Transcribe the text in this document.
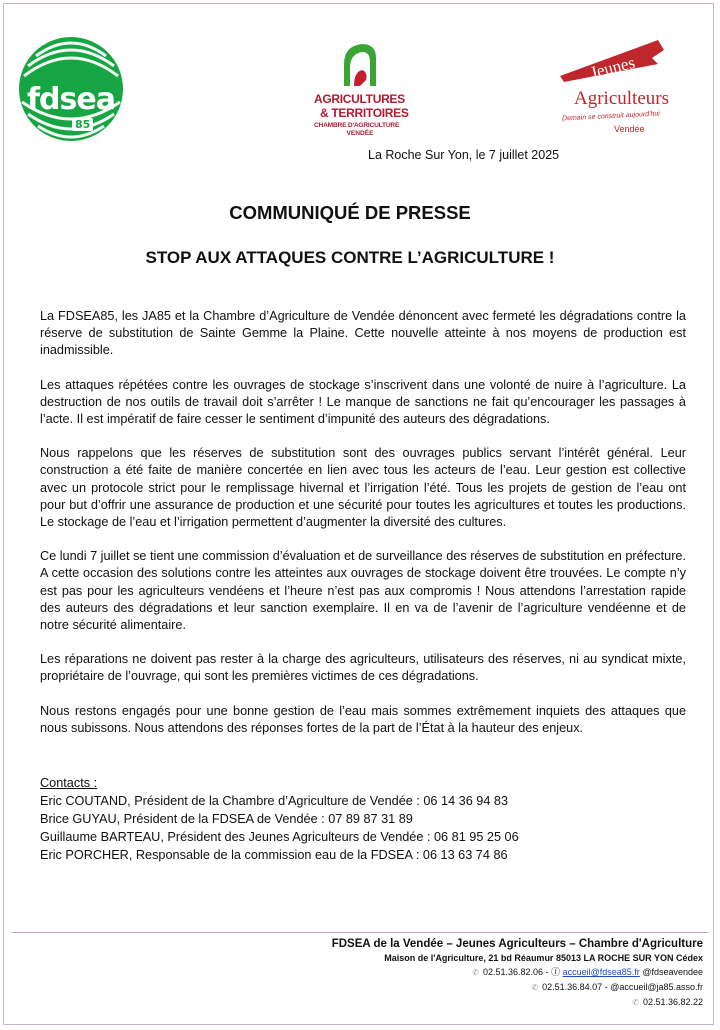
fdsea
85
AGRICULTURES
& TERRITOIRES
CHAMBRE D'AGRICULTURE
VENDÉE
Jeunes
Agriculteurs
Demain se construit aujourd'hui
Vendée
La Roche Sur Yon, le 7 juillet 2025
COMMUNIQUÉ DE PRESSE
STOP AUX ATTAQUES CONTRE L’AGRICULTURE !

La FDSEA85, les JA85 et la Chambre d’Agriculture de Vendée dénoncent avec fermeté les dégradations contre la réserve de substitution de Sainte Gemme la Plaine. Cette nouvelle atteinte à nos moyens de production est inadmissible.

Les attaques répétées contre les ouvrages de stockage s’inscrivent dans une volonté de nuire à l’agriculture. La destruction de nos outils de travail doit s’arrêter ! Le manque de sanctions ne fait qu’encourager les passages à l’acte. Il est impératif de faire cesser le sentiment d’impunité des auteurs des dégradations.

Nous rappelons que les réserves de substitution sont des ouvrages publics servant l’intérêt général. Leur construction a été faite de manière concertée en lien avec tous les acteurs de l’eau. Leur gestion est collective avec un protocole strict pour le remplissage hivernal et l’irrigation l’été. Tous les projets de gestion de l’eau ont pour but d’offrir une assurance de production et une sécurité pour toutes les agricultures et toutes les productions. Le stockage de l’eau et l’irrigation permettent d’augmenter la diversité des cultures.

Ce lundi 7 juillet se tient une commission d’évaluation et de surveillance des réserves de substitution en préfecture. A cette occasion des solutions contre les atteintes aux ouvrages de stockage doivent être trouvées. Le compte n’y est pas pour les agriculteurs vendéens et l’heure n’est pas aux compromis ! Nous attendons l’arrestation rapide des auteurs des dégradations et leur sanction exemplaire. Il en va de l’avenir de l’agriculture vendéenne et de notre sécurité alimentaire.

Les réparations ne doivent pas rester à la charge des agriculteurs, utilisateurs des réserves, ni au syndicat mixte, propriétaire de l’ouvrage, qui sont les premières victimes de ces dégradations.

Nous restons engagés pour une bonne gestion de l’eau mais sommes extrêmement inquiets des attaques que nous subissons. Nous attendons des réponses fortes de la part de l’État à la hauteur des enjeux.

Contacts :
Eric COUTAND, Président de la Chambre d’Agriculture de Vendée : 06 14 36 94 83
Brice GUYAU, Président de la FDSEA de Vendée : 07 89 87 31 89
Guillaume BARTEAU, Président des Jeunes Agriculteurs de Vendée : 06 81 95 25 06
Eric PORCHER, Responsable de la commission eau de la FDSEA : 06 13 63 74 86
FDSEA de la Vendée – Jeunes Agriculteurs – Chambre d'Agriculture
Maison de l'Agriculture, 21 bd Réaumur 85013 LA ROCHE SUR YON Cédex
✆ 02.51.36.82.06 - ⓕ accueil@fdsea85.fr @fdseavendee
✆ 02.51.36.84.07 - @accueil@ja85.asso.fr
✆ 02.51.36.82.22
